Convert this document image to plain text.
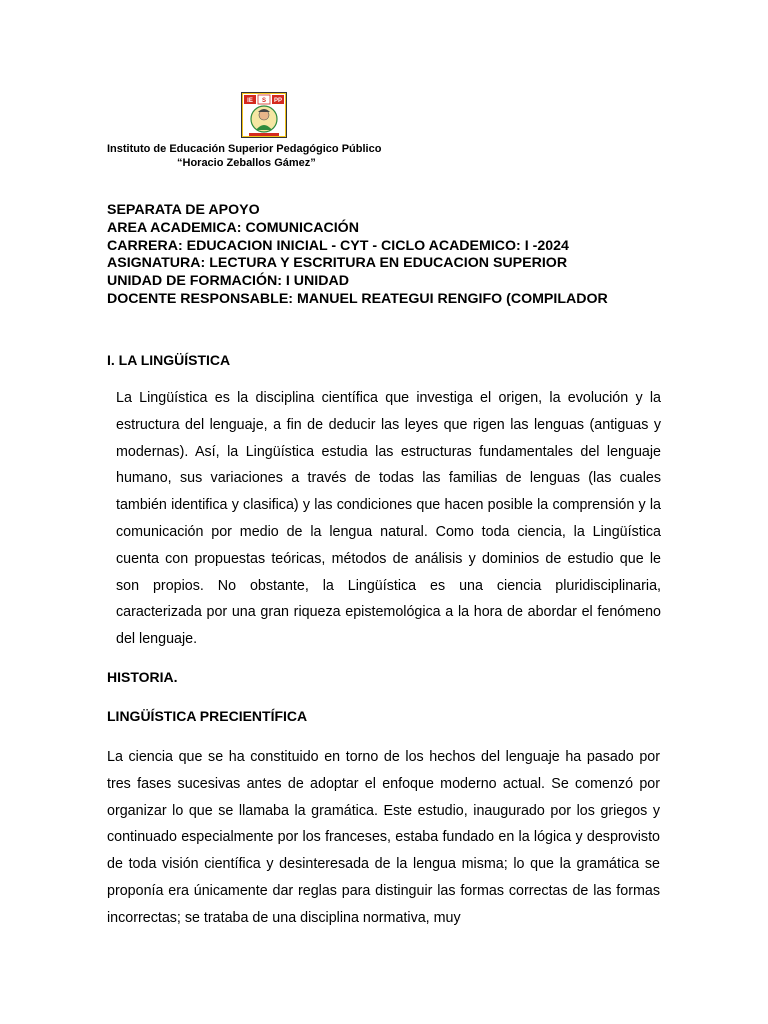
IE S PP
Instituto de Educación Superior Pedagógico Público
“Horacio Zeballos Gámez”
SEPARATA DE APOYO
AREA ACADEMICA: COMUNICACIÓN
CARRERA: EDUCACION INICIAL - CYT - CICLO ACADEMICO: I -2024
ASIGNATURA: LECTURA Y ESCRITURA EN EDUCACION SUPERIOR
UNIDAD DE FORMACIÓN: I UNIDAD
DOCENTE RESPONSABLE: MANUEL REATEGUI RENGIFO (COMPILADOR
I. LA LINGÜÍSTICA
La Lingüística es la disciplina científica que investiga el origen, la evolución y la estructura del lenguaje, a fin de deducir las leyes que rigen las lenguas (antiguas y modernas). Así, la Lingüística estudia las estructuras fundamentales del lenguaje humano, sus variaciones a través de todas las familias de lenguas (las cuales también identifica y clasifica) y las condiciones que hacen posible la comprensión y la comunicación por medio de la lengua natural. Como toda ciencia, la Lingüística cuenta con propuestas teóricas, métodos de análisis y dominios de estudio que le son propios. No obstante, la Lingüística es una ciencia pluridisciplinaria, caracterizada por una gran riqueza epistemológica a la hora de abordar el fenómeno del lenguaje.
HISTORIA.
LINGÜÍSTICA PRECIENTÍFICA
La ciencia que se ha constituido en torno de los hechos del lenguaje ha pasado por tres fases sucesivas antes de adoptar el enfoque moderno actual. Se comenzó por organizar lo que se llamaba la gramática. Este estudio, inaugurado por los griegos y continuado especialmente por los franceses, estaba fundado en la lógica y desprovisto de toda visión científica y desinteresada de la lengua misma; lo que la gramática se proponía era únicamente dar reglas para distinguir las formas correctas de las formas incorrectas; se trataba de una disciplina normativa, muy
